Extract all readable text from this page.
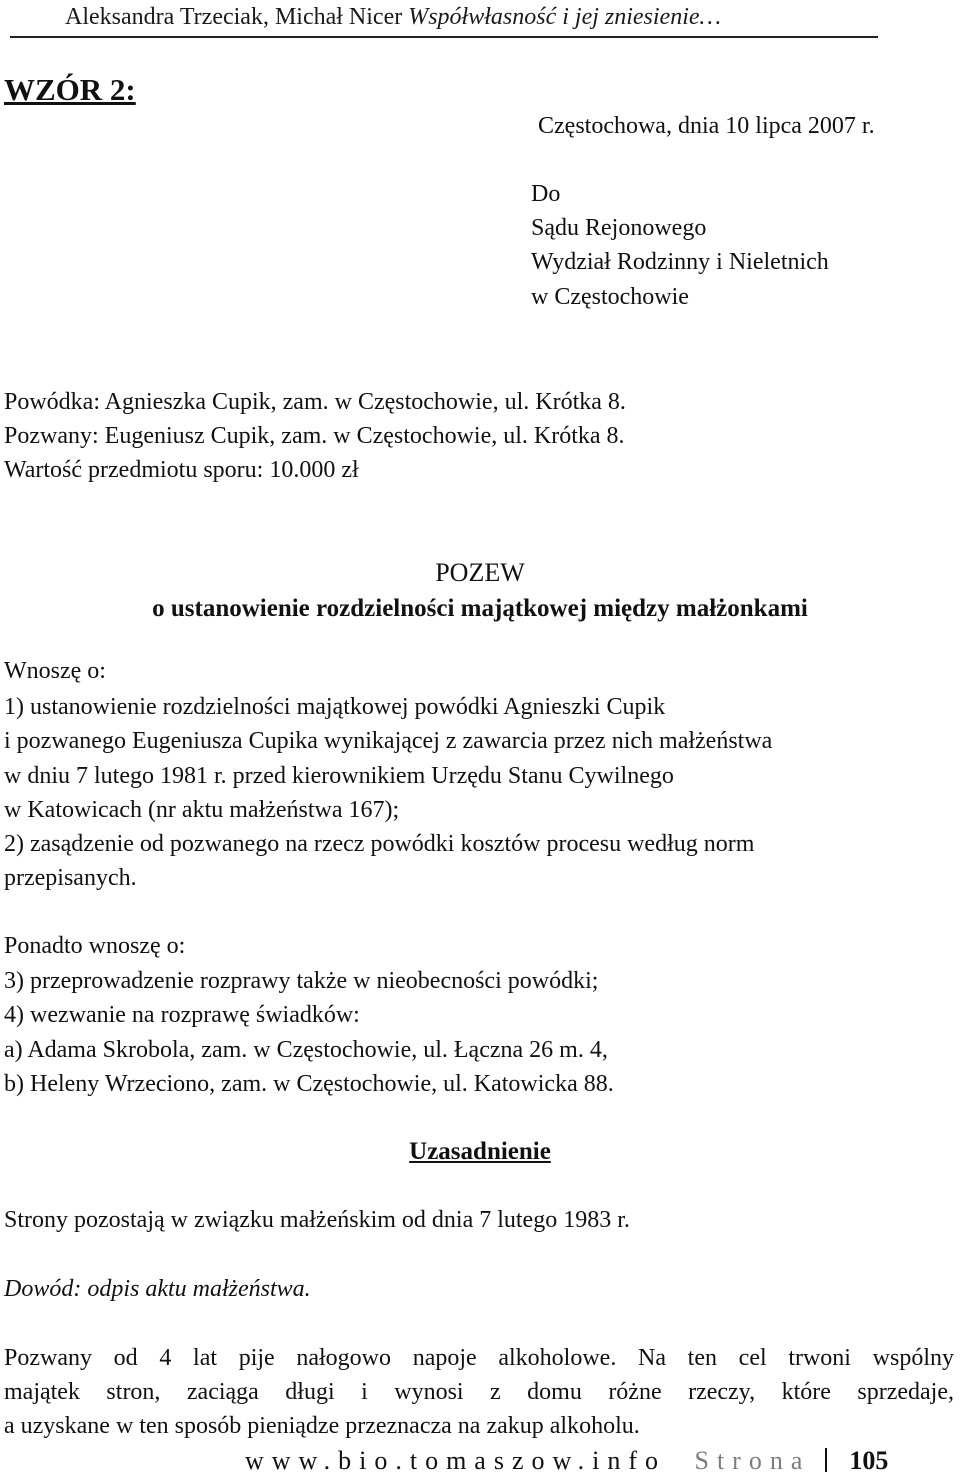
Aleksandra Trzeciak, Michał Nicer Współwłasność i jej zniesienie…
WZÓR 2:
Częstochowa, dnia 10 lipca 2007 r.
Do
Sądu Rejonowego
Wydział Rodzinny i Nieletnich
w Częstochowie
Powódka: Agnieszka Cupik, zam. w Częstochowie, ul. Krótka 8.
Pozwany: Eugeniusz Cupik, zam. w Częstochowie, ul. Krótka 8.
Wartość przedmiotu sporu: 10.000 zł
POZEW
o ustanowienie rozdzielności majątkowej między małżonkami
Wnoszę o:
1) ustanowienie rozdzielności majątkowej powódki Agnieszki Cupik
i pozwanego Eugeniusza Cupika wynikającej z zawarcia przez nich małżeństwa
w dniu 7 lutego 1981 r. przed kierownikiem Urzędu Stanu Cywilnego
w Katowicach (nr aktu małżeństwa 167);
2) zasądzenie od pozwanego na rzecz powódki kosztów procesu według norm
przepisanych.
Ponadto wnoszę o:
3) przeprowadzenie rozprawy także w nieobecności powódki;
4) wezwanie na rozprawę świadków:
a) Adama Skrobola, zam. w Częstochowie, ul. Łączna 26 m. 4,
b) Heleny Wrzeciono, zam. w Częstochowie, ul. Katowicka 88.
Uzasadnienie
Strony pozostają w związku małżeńskim od dnia 7 lutego 1983 r.
Dowód: odpis aktu małżeństwa.
Pozwany od 4 lat pije nałogowo napoje alkoholowe. Na ten cel trwoni wspólny
majątek stron, zaciąga długi i wynosi z domu różne rzeczy, które sprzedaje,
a uzyskane w ten sposób pieniądze przeznacza na zakup alkoholu.
www.bio.tomaszow.info Strona 105
